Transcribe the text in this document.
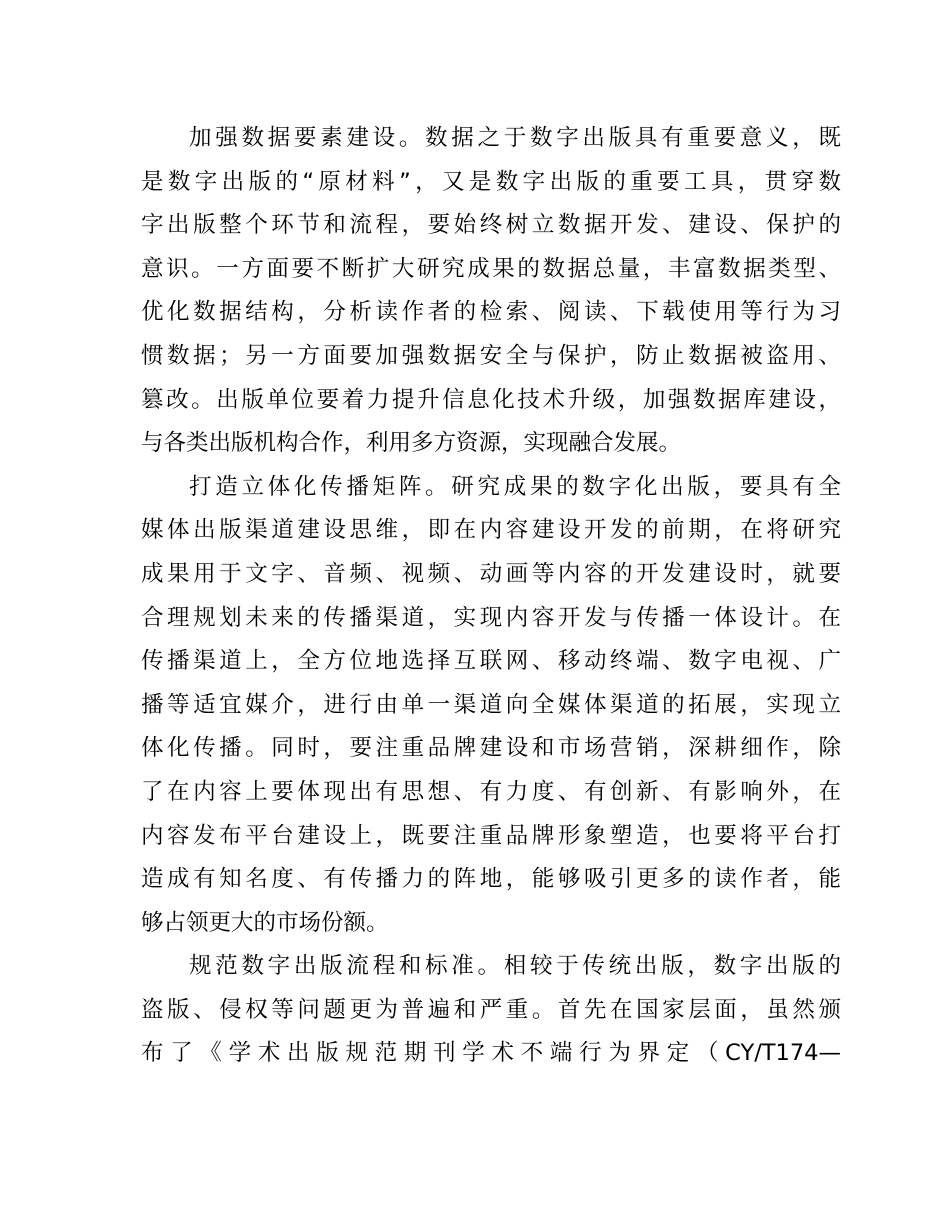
加强数据要素建设。数据之于数字出版具有重要意义，既
是数字出版的“原材料”，又是数字出版的重要工具，贯穿数
字出版整个环节和流程，要始终树立数据开发、建设、保护的
意识。一方面要不断扩大研究成果的数据总量，丰富数据类型、
优化数据结构，分析读作者的检索、阅读、下载使用等行为习
惯数据；另一方面要加强数据安全与保护，防止数据被盗用、
篡改。出版单位要着力提升信息化技术升级，加强数据库建设，
与各类出版机构合作，利用多方资源，实现融合发展。
打造立体化传播矩阵。研究成果的数字化出版，要具有全
媒体出版渠道建设思维，即在内容建设开发的前期，在将研究
成果用于文字、音频、视频、动画等内容的开发建设时，就要
合理规划未来的传播渠道，实现内容开发与传播一体设计。在
传播渠道上，全方位地选择互联网、移动终端、数字电视、广
播等适宜媒介，进行由单一渠道向全媒体渠道的拓展，实现立
体化传播。同时，要注重品牌建设和市场营销，深耕细作，除
了在内容上要体现出有思想、有力度、有创新、有影响外，在
内容发布平台建设上，既要注重品牌形象塑造，也要将平台打
造成有知名度、有传播力的阵地，能够吸引更多的读作者，能
够占领更大的市场份额。
规范数字出版流程和标准。相较于传统出版，数字出版的
盗版、侵权等问题更为普遍和严重。首先在国家层面，虽然颁
布了《学术出版规范期刊学术不端行为界定（CY/T174—
